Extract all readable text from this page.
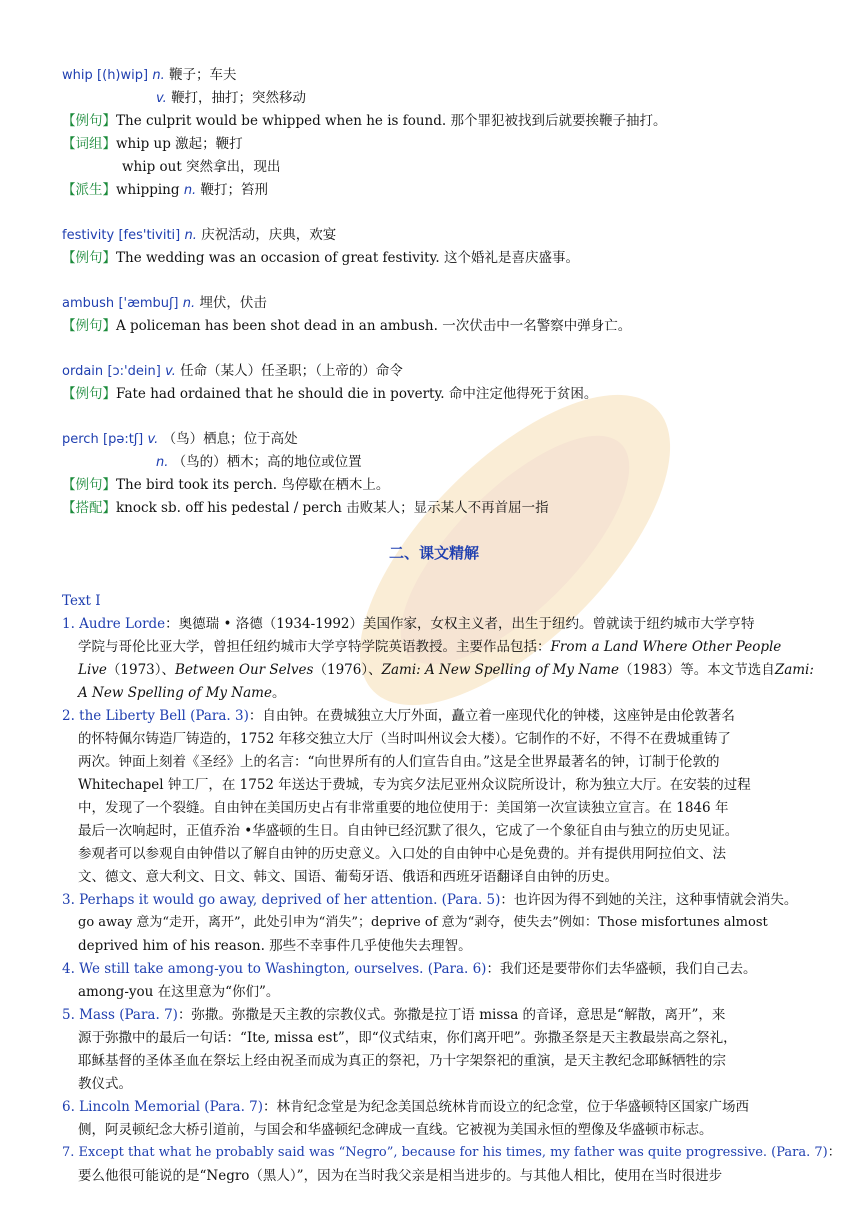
whip [(h)wip] n. 鞭子；车夫
v. 鞭打，抽打；突然移动
【例句】The culprit would be whipped when he is found. 那个罪犯被找到后就要挨鞭子抽打。
【词组】whip up 激起；鞭打
whip out 突然拿出，现出
【派生】whipping n. 鞭打；笞刑
festivity [fes'tiviti] n. 庆祝活动，庆典，欢宴
【例句】The wedding was an occasion of great festivity. 这个婚礼是喜庆盛事。
ambush ['æmbuʃ] n. 埋伏，伏击
【例句】A policeman has been shot dead in an ambush. 一次伏击中一名警察中弹身亡。
ordain [ɔ:'dein] v. 任命（某人）任圣职；（上帝的）命令
【例句】Fate had ordained that he should die in poverty. 命中注定他得死于贫困。
perch [pə:tʃ] v. （鸟）栖息；位于高处
n. （鸟的）栖木；高的地位或位置
【例句】The bird took its perch. 鸟停歇在栖木上。
【搭配】knock sb. off his pedestal / perch 击败某人；显示某人不再首屈一指
二、课文精解
Text I
1. Audre Lorde：奥德瑞 • 洛德（1934-1992）美国作家，女权主义者，出生于纽约。曾就读于纽约城市大学亨特
学院与哥伦比亚大学，曾担任纽约城市大学亨特学院英语教授。主要作品包括：From a Land Where Other People
Live（1973）、Between Our Selves（1976）、Zami: A New Spelling of My Name（1983）等。本文节选自Zami:
A New Spelling of My Name。
2. the Liberty Bell (Para. 3)：自由钟。在费城独立大厅外面，矗立着一座现代化的钟楼，这座钟是由伦敦著名
的怀特佩尔铸造厂铸造的，1752 年移交独立大厅（当时叫州议会大楼）。它制作的不好，不得不在费城重铸了
两次。钟面上刻着《圣经》上的名言：“向世界所有的人们宣告自由。”这是全世界最著名的钟，订制于伦敦的
Whitechapel 钟工厂，在 1752 年送达于费城，专为宾夕法尼亚州众议院所设计，称为独立大厅。在安装的过程
中，发现了一个裂缝。自由钟在美国历史占有非常重要的地位使用于：美国第一次宣读独立宣言。在 1846 年
最后一次响起时，正值乔治 •华盛顿的生日。自由钟已经沉默了很久，它成了一个象征自由与独立的历史见证。
参观者可以参观自由钟借以了解自由钟的历史意义。入口处的自由钟中心是免费的。并有提供用阿拉伯文、法
文、德文、意大利文、日文、韩文、国语、葡萄牙语、俄语和西班牙语翻译自由钟的历史。
3. Perhaps it would go away, deprived of her attention. (Para. 5)：也许因为得不到她的关注，这种事情就会消失。
go away 意为“走开，离开”，此处引申为“消失”；deprive of 意为“剥夺，使失去”例如：Those misfortunes almost
deprived him of his reason. 那些不幸事件几乎使他失去理智。
4. We still take among-you to Washington, ourselves. (Para. 6)：我们还是要带你们去华盛顿，我们自己去。
among-you 在这里意为“你们”。
5. Mass (Para. 7)：弥撒。弥撒是天主教的宗教仪式。弥撒是拉丁语 missa 的音译，意思是“解散，离开”，来
源于弥撒中的最后一句话：“Ite, missa est”，即“仪式结束，你们离开吧”。弥撒圣祭是天主教最崇高之祭礼，
耶稣基督的圣体圣血在祭坛上经由祝圣而成为真正的祭祀，乃十字架祭祀的重演，是天主教纪念耶稣牺牲的宗
教仪式。
6. Lincoln Memorial (Para. 7)：林肯纪念堂是为纪念美国总统林肯而设立的纪念堂，位于华盛顿特区国家广场西
侧，阿灵顿纪念大桥引道前，与国会和华盛顿纪念碑成一直线。它被视为美国永恒的塑像及华盛顿市标志。
7. Except that what he probably said was “Negro”, because for his times, my father was quite progressive. (Para. 7)：
要么他很可能说的是“Negro（黑人）”，因为在当时我父亲是相当进步的。与其他人相比，使用在当时很进步
